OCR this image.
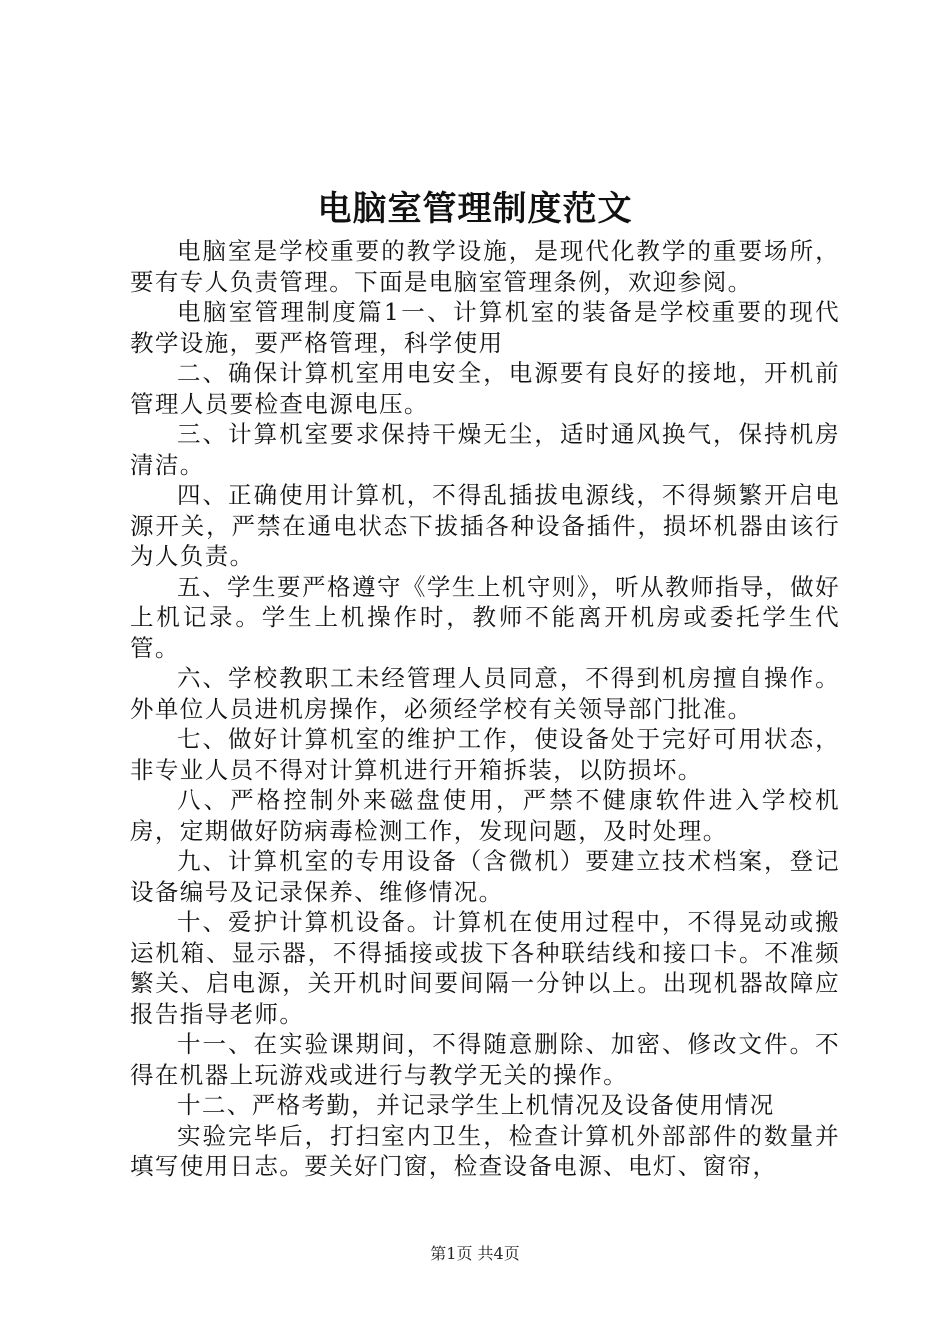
电脑室管理制度范文

电脑室是学校重要的教学设施，是现代化教学的重要场所，要有专人负责管理。下面是电脑室管理条例，欢迎参阅。

电脑室管理制度篇1一、计算机室的装备是学校重要的现代教学设施，要严格管理，科学使用

二、确保计算机室用电安全，电源要有良好的接地，开机前管理人员要检查电源电压。

三、计算机室要求保持干燥无尘，适时通风换气，保持机房清洁。

四、正确使用计算机，不得乱插拔电源线，不得频繁开启电源开关，严禁在通电状态下拔插各种设备插件，损坏机器由该行为人负责。

五、学生要严格遵守《学生上机守则》，听从教师指导，做好上机记录。学生上机操作时，教师不能离开机房或委托学生代管。

六、学校教职工未经管理人员同意，不得到机房擅自操作。外单位人员进机房操作，必须经学校有关领导部门批准。

七、做好计算机室的维护工作，使设备处于完好可用状态，非专业人员不得对计算机进行开箱拆装，以防损坏。

八、严格控制外来磁盘使用，严禁不健康软件进入学校机房，定期做好防病毒检测工作，发现问题，及时处理。

九、计算机室的专用设备（含微机）要建立技术档案，登记设备编号及记录保养、维修情况。

十、爱护计算机设备。计算机在使用过程中，不得晃动或搬运机箱、显示器，不得插接或拔下各种联结线和接口卡。不准频繁关、启电源，关开机时间要间隔一分钟以上。出现机器故障应报告指导老师。

十一、在实验课期间，不得随意删除、加密、修改文件。不得在机器上玩游戏或进行与教学无关的操作。

十二、严格考勤，并记录学生上机情况及设备使用情况

实验完毕后，打扫室内卫生，检查计算机外部部件的数量并填写使用日志。要关好门窗，检查设备电源、电灯、窗帘，

第1页 共4页
